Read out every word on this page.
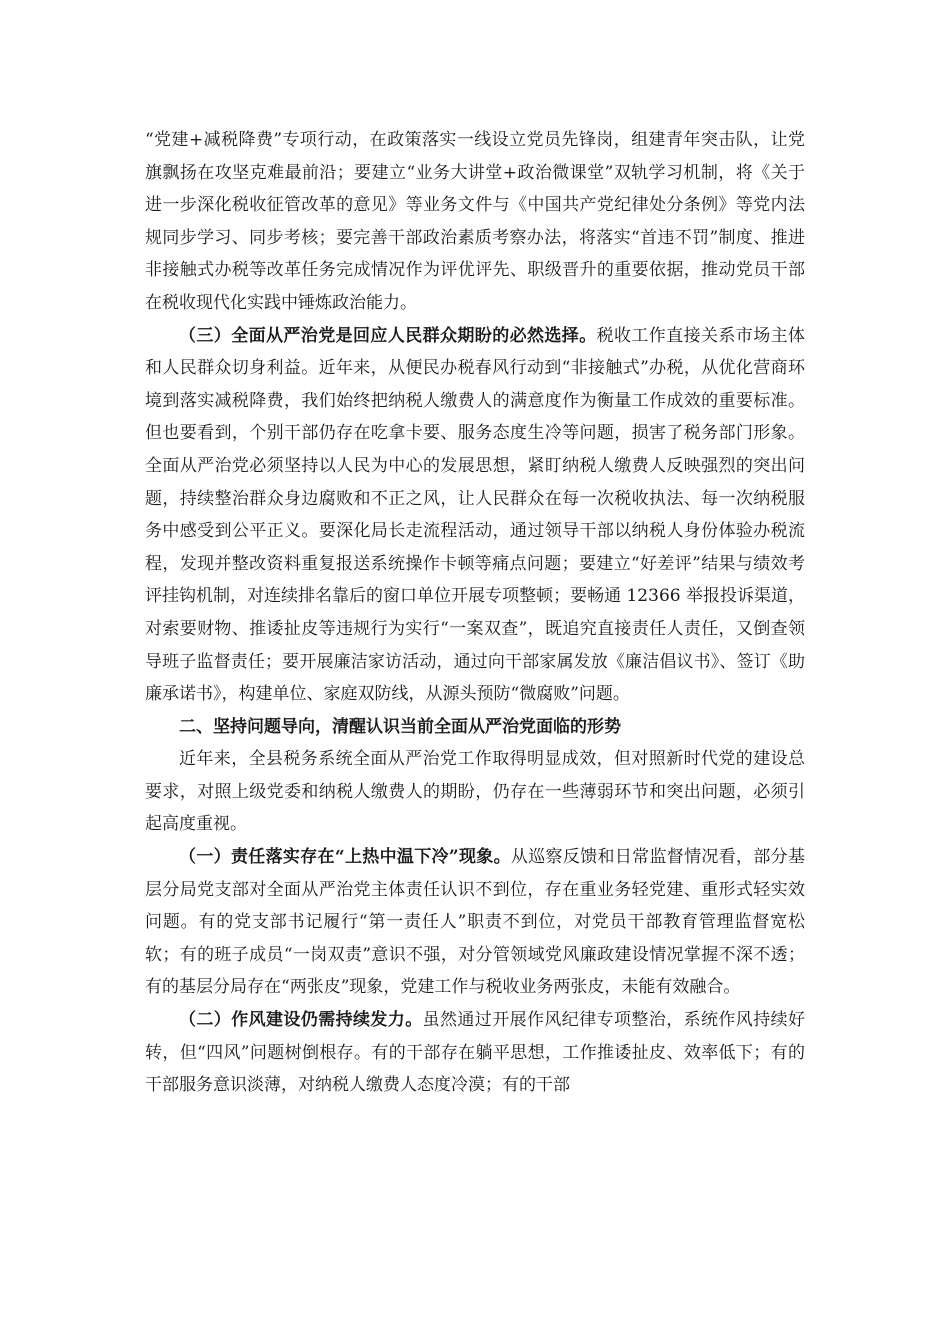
“党建+减税降费”专项行动，在政策落实一线设立党员先锋岗，组建青年突击队，让党旗飘扬在攻坚克难最前沿；要建立“业务大讲堂+政治微课堂”双轨学习机制，将《关于进一步深化税收征管改革的意见》等业务文件与《中国共产党纪律处分条例》等党内法规同步学习、同步考核；要完善干部政治素质考察办法，将落实“首违不罚”制度、推进非接触式办税等改革任务完成情况作为评优评先、职级晋升的重要依据，推动党员干部在税收现代化实践中锤炼政治能力。

（三）全面从严治党是回应人民群众期盼的必然选择。税收工作直接关系市场主体和人民群众切身利益。近年来，从便民办税春风行动到“非接触式”办税，从优化营商环境到落实减税降费，我们始终把纳税人缴费人的满意度作为衡量工作成效的重要标准。但也要看到，个别干部仍存在吃拿卡要、服务态度生冷等问题，损害了税务部门形象。全面从严治党必须坚持以人民为中心的发展思想，紧盯纳税人缴费人反映强烈的突出问题，持续整治群众身边腐败和不正之风，让人民群众在每一次税收执法、每一次纳税服务中感受到公平正义。要深化局长走流程活动，通过领导干部以纳税人身份体验办税流程，发现并整改资料重复报送系统操作卡顿等痛点问题；要建立“好差评”结果与绩效考评挂钩机制，对连续排名靠后的窗口单位开展专项整顿；要畅通 12366 举报投诉渠道，对索要财物、推诿扯皮等违规行为实行“一案双查”，既追究直接责任人责任，又倒查领导班子监督责任；要开展廉洁家访活动，通过向干部家属发放《廉洁倡议书》、签订《助廉承诺书》，构建单位、家庭双防线，从源头预防“微腐败”问题。

二、坚持问题导向，清醒认识当前全面从严治党面临的形势

近年来，全县税务系统全面从严治党工作取得明显成效，但对照新时代党的建设总要求，对照上级党委和纳税人缴费人的期盼，仍存在一些薄弱环节和突出问题，必须引起高度重视。

（一）责任落实存在“上热中温下冷”现象。从巡察反馈和日常监督情况看，部分基层分局党支部对全面从严治党主体责任认识不到位，存在重业务轻党建、重形式轻实效问题。有的党支部书记履行“第一责任人”职责不到位，对党员干部教育管理监督宽松软；有的班子成员“一岗双责”意识不强，对分管领域党风廉政建设情况掌握不深不透；有的基层分局存在“两张皮”现象，党建工作与税收业务两张皮，未能有效融合。

（二）作风建设仍需持续发力。虽然通过开展作风纪律专项整治，系统作风持续好转，但“四风”问题树倒根存。有的干部存在躺平思想，工作推诿扯皮、效率低下；有的干部服务意识淡薄，对纳税人缴费人态度冷漠；有的干部
